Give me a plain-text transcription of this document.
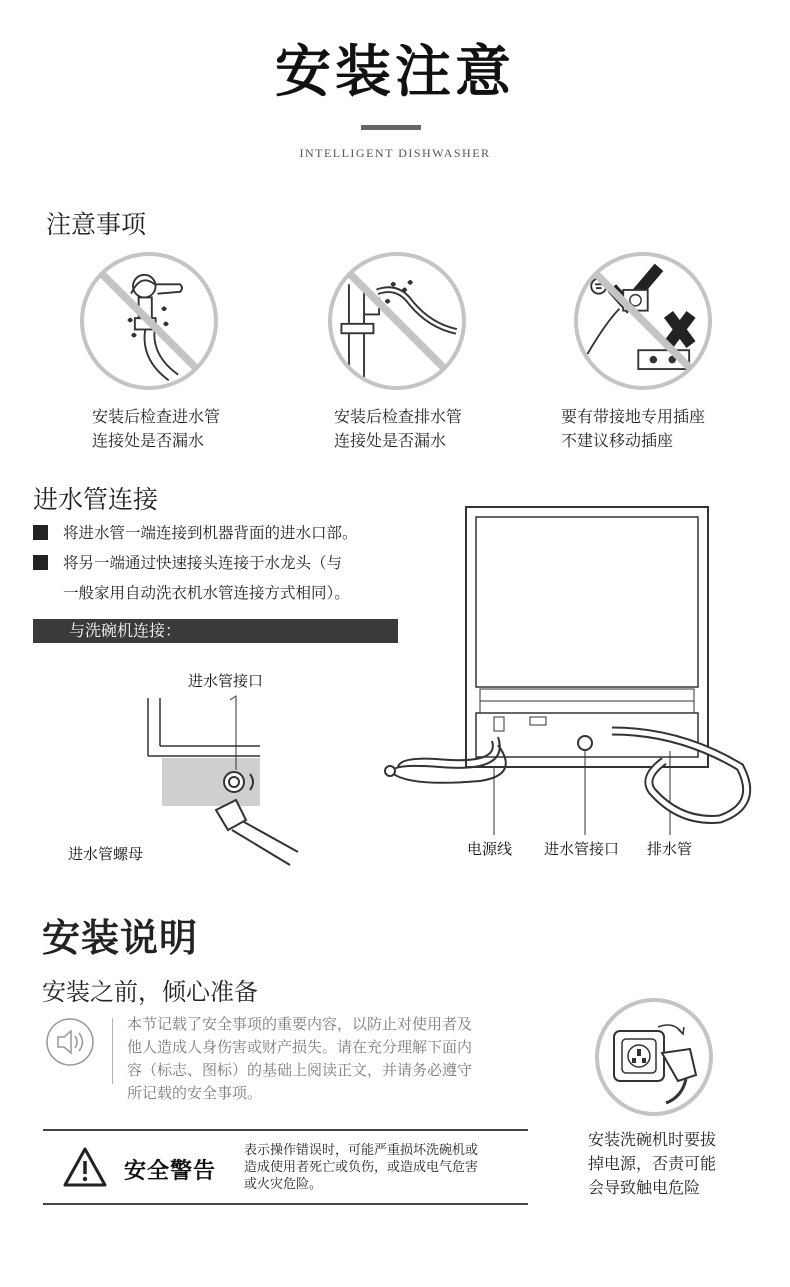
安装注意
INTELLIGENT DISHWASHER
注意事项
安装后检查进水管
连接处是否漏水
安装后检查排水管
连接处是否漏水
要有带接地专用插座
不建议移动插座
进水管连接
将进水管一端连接到机器背面的进水口部。
将另一端通过快速接头连接于水龙头（与
一般家用自动洗衣机水管连接方式相同）。
与洗碗机连接：
进水管接口
进水管螺母	电源线 进水管接口 排水管
安装说明
安装之前，倾心准备
本节记载了安全事项的重要内容，以防止对使用者及
他人造成人身伤害或财产损失。请在充分理解下面内
容（标志、图标）的基础上阅读正文，并请务必遵守
所记载的安全事项。
安全警告
表示操作错误时，可能严重损坏洗碗机或
造成使用者死亡或负伤，或造成电气危害
或火灾危险。
安装洗碗机时要拔
掉电源，否责可能
会导致触电危险
